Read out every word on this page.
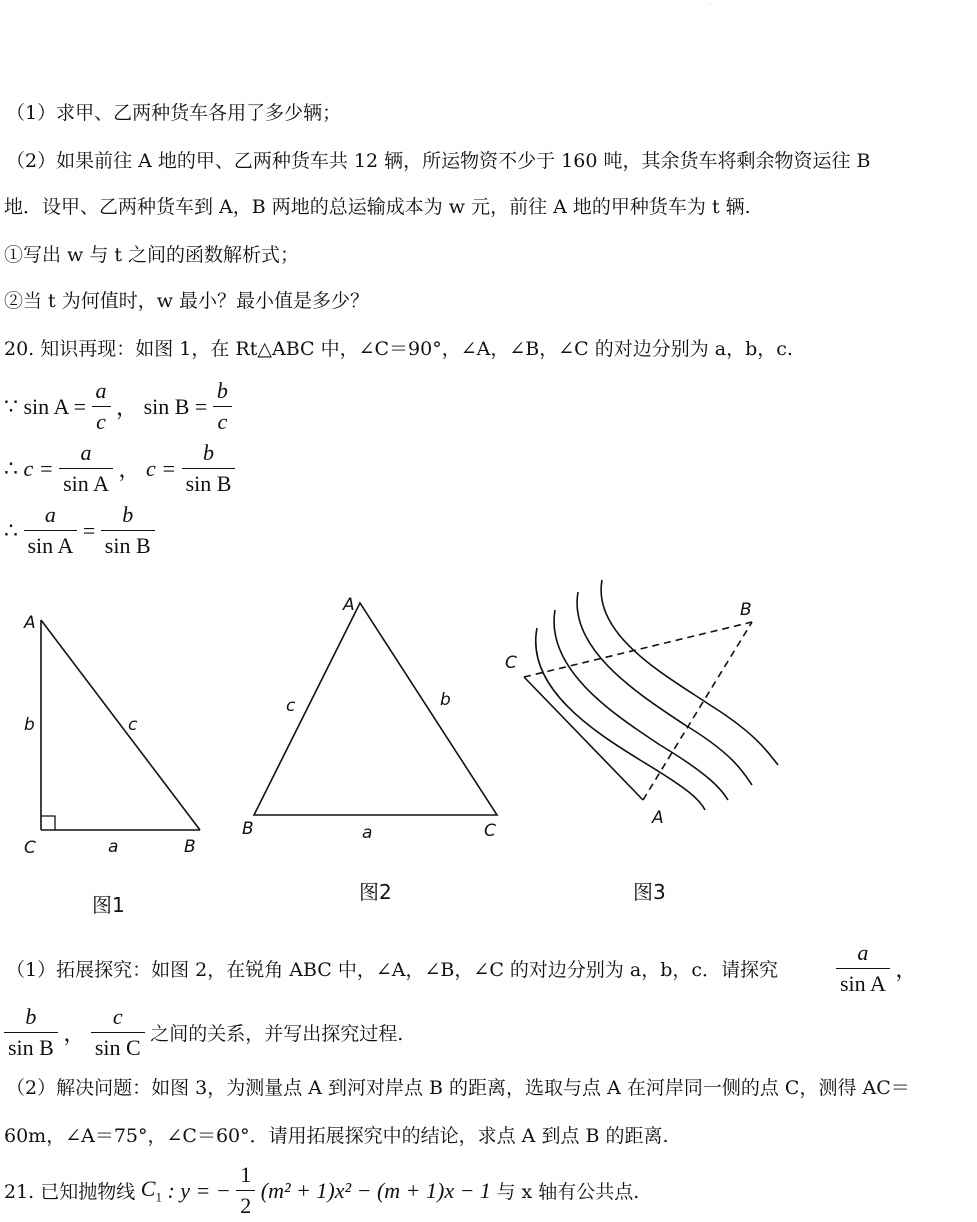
·
（1）求甲、乙两种货车各用了多少辆；
（2）如果前往 A 地的甲、乙两种货车共 12 辆，所运物资不少于 160 吨，其余货车将剩余物资运往 B
地．设甲、乙两种货车到 A，B 两地的总运输成本为 w 元，前往 A 地的甲种货车为 t 辆.
①写出 w 与 t 之间的函数解析式；
②当 t 为何值时，w 最小？最小值是多少？
20. 知识再现：如图 1，在 Rt△ABC 中，∠C＝90°，∠A，∠B，∠C 的对边分别为 a，b，c.
∵ $\sin A = \frac{a}{c}$ ， $\sin B = \frac{b}{c}$
∴ $c = \frac{a}{\text{sin A}}$ ， $c = \frac{b}{\text{sin B}}$
∴ $\frac{a}{\text{sin A}} = \frac{b}{\text{sin B}}$
A
b	c
C	a	B
A
c	b
B	a	C
C
B
A
图1
图2	图3
（1）拓展探究：如图 2，在锐角 ABC 中，∠A，∠B，∠C 的对边分别为 a，b，c．请探究	$\frac{a}{\text{sin A}}$ ，
$\frac{b}{\text{sin B}}$ ， $\frac{c}{\text{sin C}}$ 之间的关系，并写出探究过程.
（2）解决问题：如图 3，为测量点 A 到河对岸点 B 的距离，选取与点 A 在河岸同一侧的点 C，测得 AC＝
60m，∠A＝75°，∠C＝60°．请用拓展探究中的结论，求点 A 到点 B 的距离.
21. 已知抛物线 $C_1$ : y = − $\frac{1}{2} (m^2 + 1)x^2 - (m + 1)x - 1$ 与 x 轴有公共点.
